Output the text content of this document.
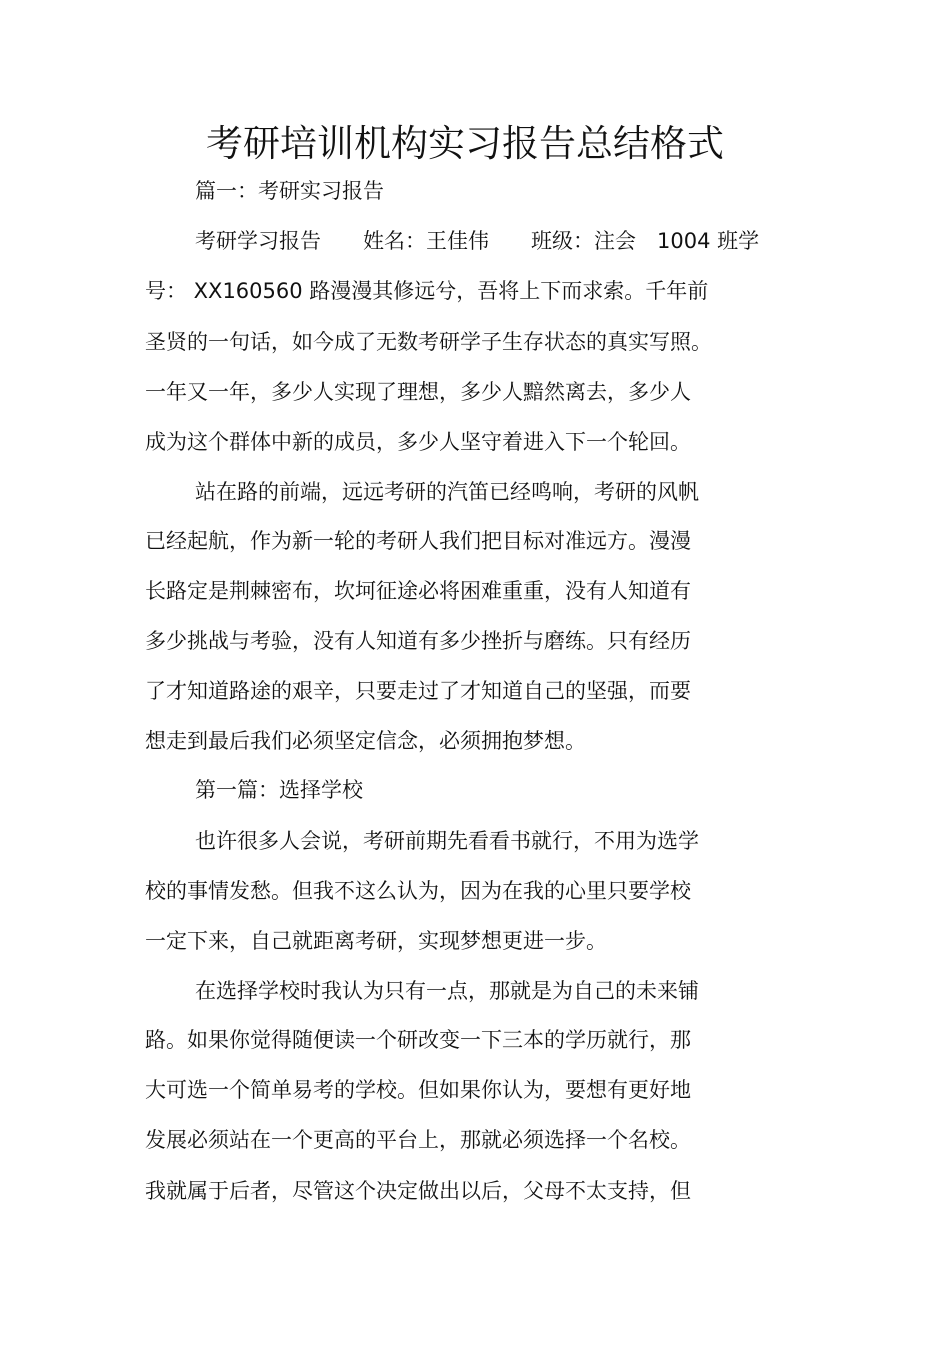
考研培训机构实习报告总结格式
篇一：考研实习报告
考研学习报告　　姓名：王佳伟　　班级：注会　1004 班学
号： XX160560 路漫漫其修远兮，吾将上下而求索。千年前
圣贤的一句话，如今成了无数考研学子生存状态的真实写照。
一年又一年，多少人实现了理想，多少人黯然离去，多少人
成为这个群体中新的成员，多少人坚守着进入下一个轮回。
站在路的前端，远远考研的汽笛已经鸣响，考研的风帆
已经起航，作为新一轮的考研人我们把目标对准远方。漫漫
长路定是荆棘密布，坎坷征途必将困难重重，没有人知道有
多少挑战与考验，没有人知道有多少挫折与磨练。只有经历
了才知道路途的艰辛，只要走过了才知道自己的坚强，而要
想走到最后我们必须坚定信念，必须拥抱梦想。
第一篇：选择学校
也许很多人会说，考研前期先看看书就行，不用为选学
校的事情发愁。但我不这么认为，因为在我的心里只要学校
一定下来，自己就距离考研，实现梦想更进一步。
在选择学校时我认为只有一点，那就是为自己的未来铺
路。如果你觉得随便读一个研改变一下三本的学历就行，那
大可选一个简单易考的学校。但如果你认为，要想有更好地
发展必须站在一个更高的平台上，那就必须选择一个名校。
我就属于后者，尽管这个决定做出以后，父母不太支持，但
